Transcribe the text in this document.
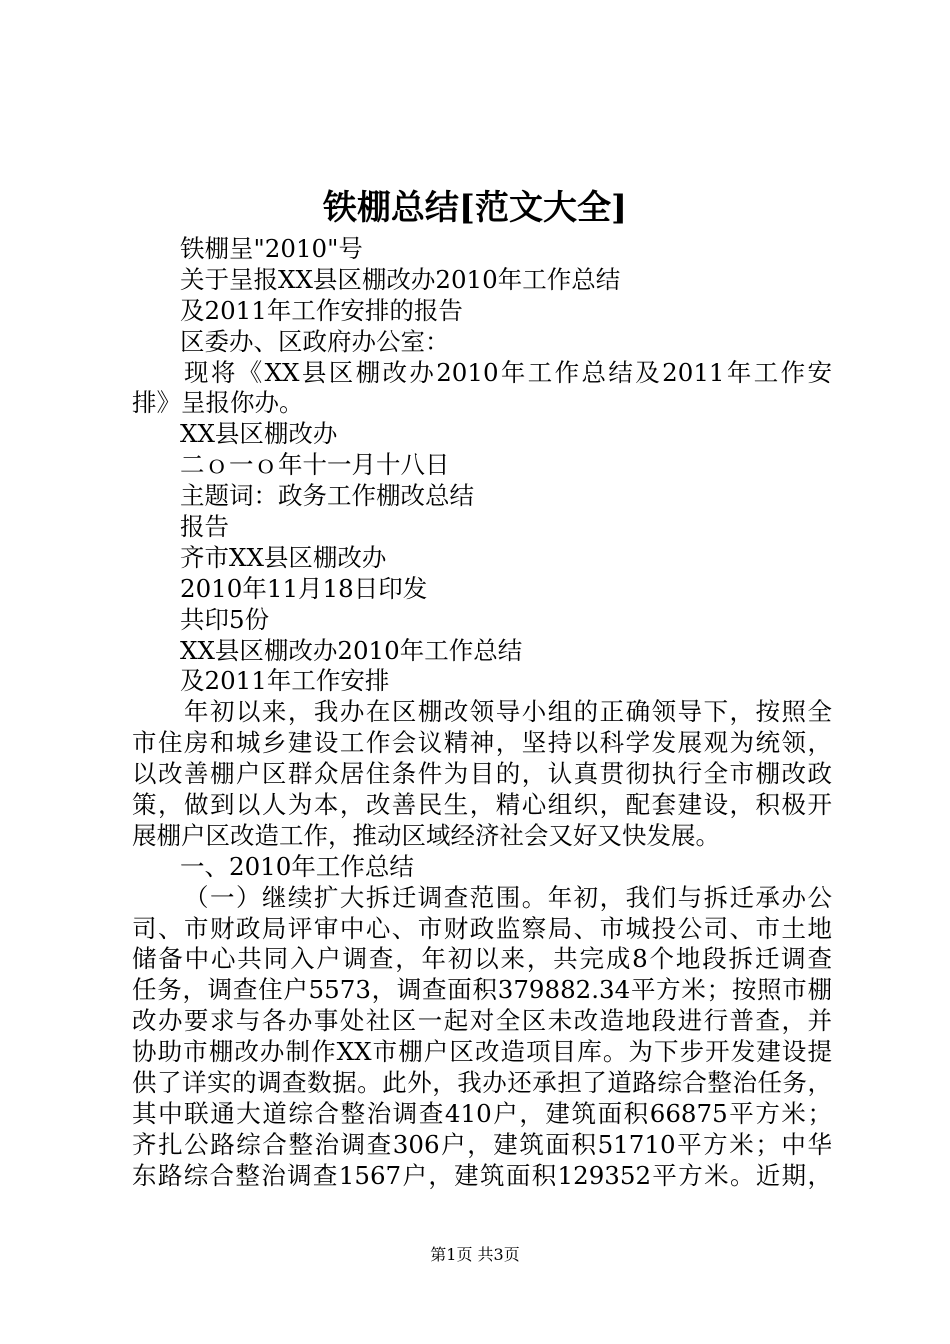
铁棚总结[范文大全]
铁棚呈"2010"号
关于呈报XX县区棚改办2010年工作总结
及2011年工作安排的报告
区委办、区政府办公室：
现将《XX县区棚改办2010年工作总结及2011年工作安
排》呈报你办。
XX县区棚改办
二ｏ一ｏ年十一月十八日
主题词：政务工作棚改总结
报告
齐市XX县区棚改办
2010年11月18日印发
共印5份
XX县区棚改办2010年工作总结
及2011年工作安排
年初以来，我办在区棚改领导小组的正确领导下，按照全
市住房和城乡建设工作会议精神，坚持以科学发展观为统领，
以改善棚户区群众居住条件为目的，认真贯彻执行全市棚改政
策，做到以人为本，改善民生，精心组织，配套建设，积极开
展棚户区改造工作，推动区域经济社会又好又快发展。
一、2010年工作总结
（一）继续扩大拆迁调查范围。年初，我们与拆迁承办公
司、市财政局评审中心、市财政监察局、市城投公司、市土地
储备中心共同入户调查，年初以来，共完成8个地段拆迁调查
任务，调查住户5573，调查面积379882.34平方米；按照市棚
改办要求与各办事处社区一起对全区未改造地段进行普查，并
协助市棚改办制作XX市棚户区改造项目库。为下步开发建设提
供了详实的调查数据。此外，我办还承担了道路综合整治任务，
其中联通大道综合整治调查410户，建筑面积66875平方米；
齐扎公路综合整治调查306户，建筑面积51710平方米；中华
东路综合整治调查1567户，建筑面积129352平方米。近期，
第1页 共3页
